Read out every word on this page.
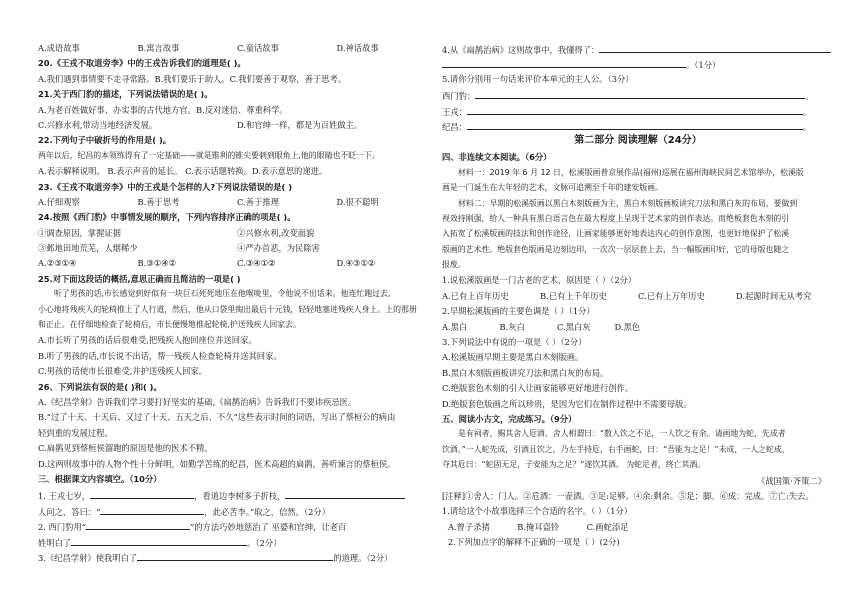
A.成语故事	B.寓言故事	C.童话故事	D.神话故事
20.《王戎不取道旁李》中的王戎告诉我们的道理是( )。
A.我们遇到事情要不走寻常路。B.我们要乐于助人。C.我们要善于观察，善于思考。
21.关于西门豹的描述，下列说法错误的是( )。
A.为老百姓做好事、办实事的古代地方官。B.反对迷信、尊重科学。
C.兴修水利,带动当地经济发展。	D.和官绅一样，都是为百姓做主。
22.下列句子中破折号的作用是( )。
两年以后，纪昌的本领练得有了一定基础——就是锥利的锥尖要刺到眼角上,他的眼睛也不眨一下。
A.表示解释说明。 B.表示声音的延长。 C.表示话题转换。D.表示意思的递进。
23.《王戎不取道旁李》中的王戎是个怎样的人?下列说法错误的是( )
A.仔细观察	B.善于思考	C.善于推理	D.很不聪明
24.按照《西门豹》中事情发展的顺序，下列内容排序正确的项是( )。
①调查原因，掌握证据	②兴修水利,改变面貌
③邺地田地荒芜，人烟稀少	④严办首恶，为民除害
A.②③①④	B.③①④②	C.③④①②	D.④③①②
25.对下面这段话的概括,意思正确而且简洁的一项是( )
听了男孩的话,市长感觉到好似有一块巨石死死地压在他喉咙里，令他说不出话来。他连忙跑过去,
小心地将残疾人的轮椅推上了人行道，然后，他从口袋里掏出最后十元钱，轻轻地塞进残疾人身上。上的那册
和正止。在仔细地检查了轮椅后，市长便慢地推起轮椅,护送残疾人回家去。
A.市长听了男孩的话后很难受,把残疾人抱回座位并送回家。
B.听了男孩的话,市长说不出话，帮一残疾人检查轮椅并送其回家。
C.男孩的话使市长很难受,并护送残疾人回家。
26、下列说法有误的是( )和( )。
A.《纪昌学射》告诉我们学习要打好坚实的基础,《扁鹊治病》告诉我们不要讳疾忌医。
B.“过了十天、十天后、又过了十天、五天之后、不久”这些表示时间的词语，写出了蔡桓公的病由
轻到重的发展过程。
C.扁鹊见到蔡桓侯溜跑的原因是他的医术不精。
D.这两则故事中的人物个性十分鲜明，如勤学苦练的纪昌，医术高超的扁鹊，善听谏言的蔡桓侯。
三、根据课文内容填空。（10分）
1. 王戎七岁，	，看道边李树多子折枝，
人问之，答曰：“	，此必苦李。”取之，信然。（2分）
2. 西门豹用“	”的方法巧妙地惩治了 巫婆和官绅，让老百
姓明白了	。（2分）
3.《纪昌学射》使我明白了	的道理。（2分）
4.从《扁鹊治病》这则故事中，我懂得了：
。（1分）
5.请你分别用一句话来评价本单元的主人公。（3分）
西门豹：	。
王戎：	。
纪昌：	。
第二部分 阅读理解（24分）
四、非连续文本阅读。（6分）
材料一：2019 年 6 月 12 日，松溪版画普京展作品(福州)巡展在福州海峡民间艺术馆举办，松溪版
画是一门诞生在大年轻的艺术，文脉可追溯至千年的建安版画。
材料二：早期的松溪版画以黑白木刻版画为主，黑白木刻版画板讲究刀法和黑白灰的布局，要做到
视效持刚强，给人一种具有黑白语言色在最大程度上呈现于艺术家的创作表达。而绝板套色木刻的引
入拓宽了松溪版画的技法和创作途径，让画家能够更好地表达内心的创作意图，也更好地保护了松溪
版画的艺术性。绝版套色版画是边刻边印，一次次一层层套上去，当一幅版画印好，它的母版也随之
报废。
1.说松溪版画是一门古老的艺术，原因是（ ）（2分）
A.已有上百年历史	B.已有上千年历史	C.已有上万年历史	D.起源时间无从考究
2.早期松溪版画的主要色调是（ ）（1分）
A.黑白	B.灰白	C.黑白灰	D.黑色
3.下列说法中有说的一项是（ ）（2分）
A.松溪版画早期主要是黑白木刻版画。
B.黑白木刻版画板讲究刀法和黑白灰的布局。
C.绝版套色木刻的引入让画家能够更好地进行创作。
D.绝版套色版画之所以珍贵，是因为它们在制作过程中不需要母版。
五、阅读小古文，完成练习。（9分）
是有祠者，赐其舍人卮酒。舍人相谓曰：“数人饮之不足，一人饮之有余。请画地为蛇，先成者
饮酒。”一人蛇先成，引酒且饮之，乃左手持卮，右手画蛇，曰：“吾能为之足！”未成，一人之蛇成，
夺其卮曰：“蛇固无足，子安能为之足？”遂饮其酒。 为蛇足者，终亡其酒。
《战国策·齐策二》
[注释]①舍人：门人。②卮酒：一壶酒。③足:足够。④余:剩余。⑤足：脚。⑥成：完成。⑦亡:失去。
1.请给这个小故事选择三个合适的名字。（ ）（1分）
A.曾子杀猪	B.掩耳盗铃	C.画蛇添足
2.下列加点字的解释不正确的一项是（ ）(2分)
